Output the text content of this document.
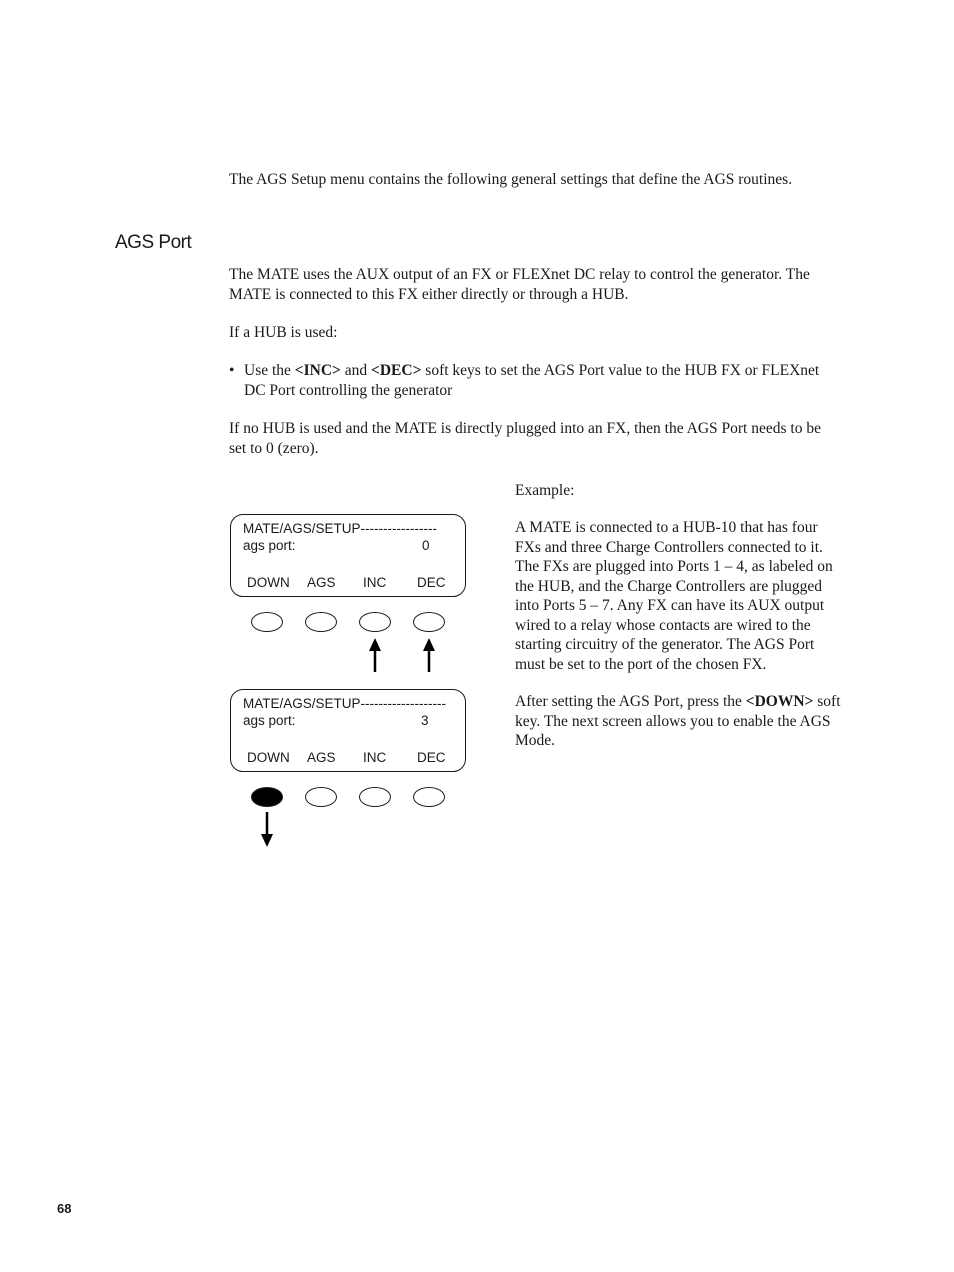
The AGS Setup menu contains the following general settings that define the AGS routines.
AGS Port
The MATE uses the AUX output of an FX or FLEXnet DC relay to control the generator. The MATE is connected to this FX either directly or through a HUB.
If a HUB is used:
• Use the <INC> and <DEC> soft keys to set the AGS Port value to the HUB FX or FLEXnet DC Port controlling the generator
If no HUB is used and the MATE is directly plugged into an FX, then the AGS Port needs to be set to 0 (zero).
Example:
A MATE is connected to a HUB-10 that has four FXs and three Charge Controllers connected to it. The FXs are plugged into Ports 1 – 4, as labeled on the HUB, and the Charge Controllers are plugged into Ports 5 – 7. Any FX can have its AUX output wired to a relay whose contacts are wired to the starting circuitry of the generator. The AGS Port must be set to the port of the chosen FX.
After setting the AGS Port, press the <DOWN> soft key. The next screen allows you to enable the AGS Mode.
MATE/AGS/SETUP-----------------
ags port:	0
DOWN AGS INC DEC
MATE/AGS/SETUP-------------------
ags port:	3
DOWN AGS INC DEC
68
